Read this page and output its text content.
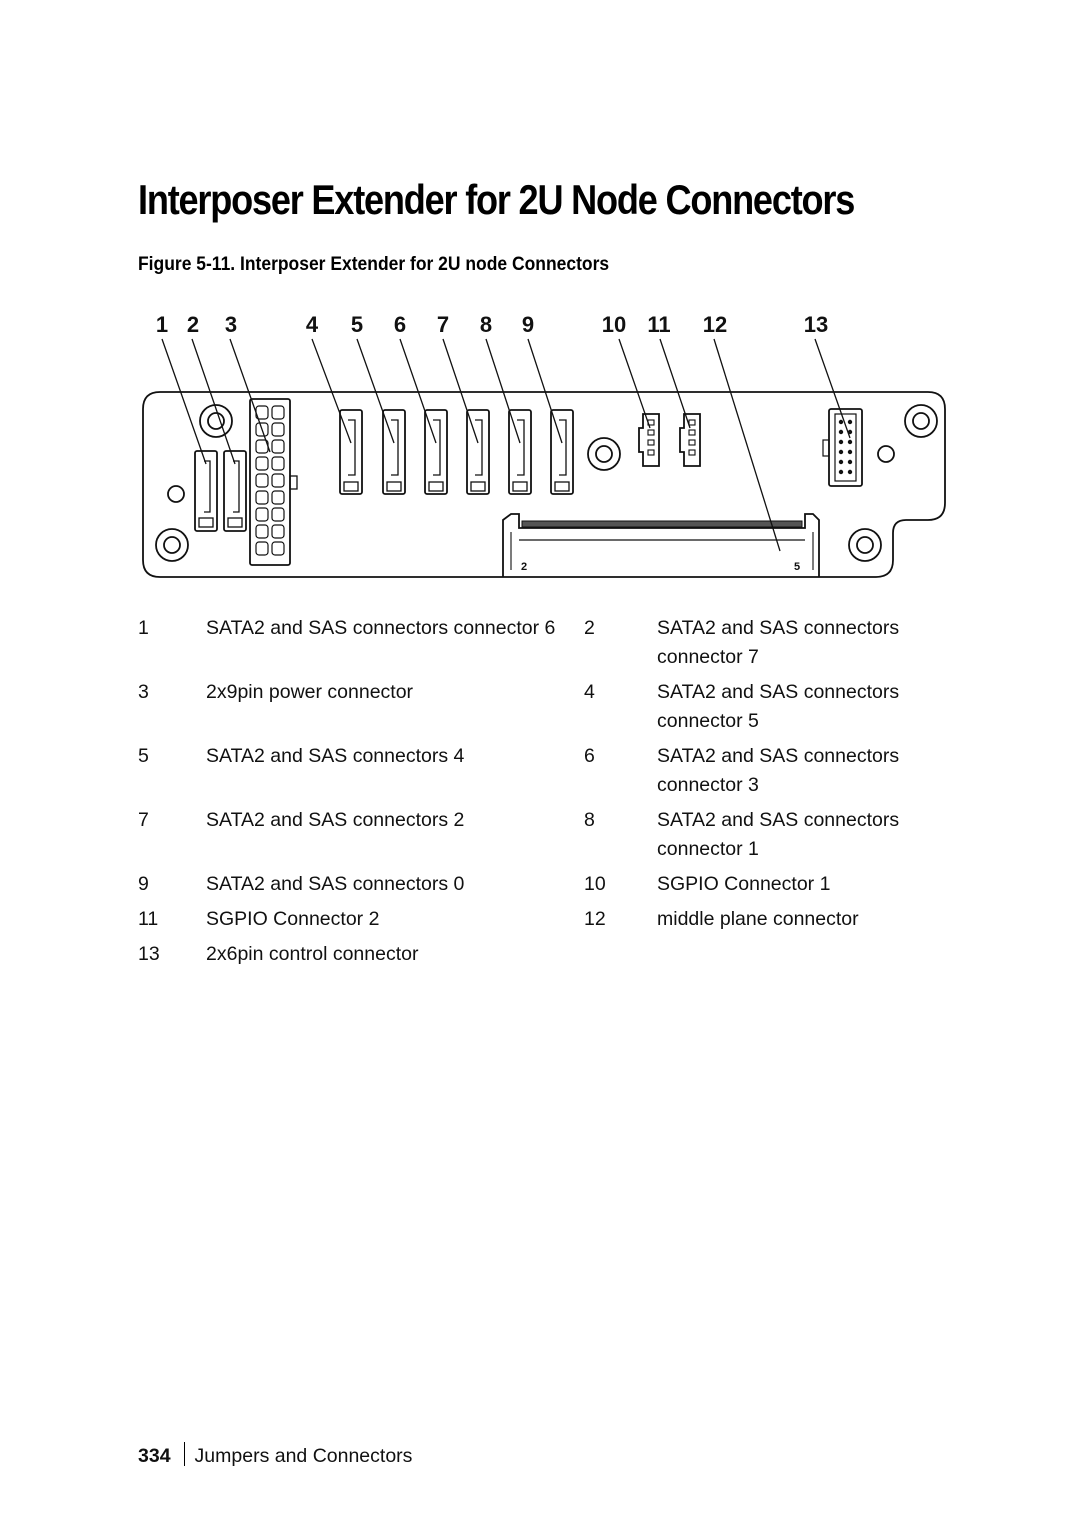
Interposer Extender for 2U Node Connectors
Figure 5-11. Interposer Extender for 2U node Connectors
1 2 3	4 5 6 7 8 9	10 11 12	13
2	5
1	SATA2 and SAS connectors connector 6	2	SATA2 and SAS connectors connector 7
3	2x9pin power connector	4	SATA2 and SAS connectors connector 5
5	SATA2 and SAS connectors 4	6	SATA2 and SAS connectors connector 3
7	SATA2 and SAS connectors 2	8	SATA2 and SAS connectors connector 1
9	SATA2 and SAS connectors 0	10	SGPIO Connector 1
11	SGPIO Connector 2	12	middle plane connector
13	2x6pin control connector		
334 Jumpers and Connectors
